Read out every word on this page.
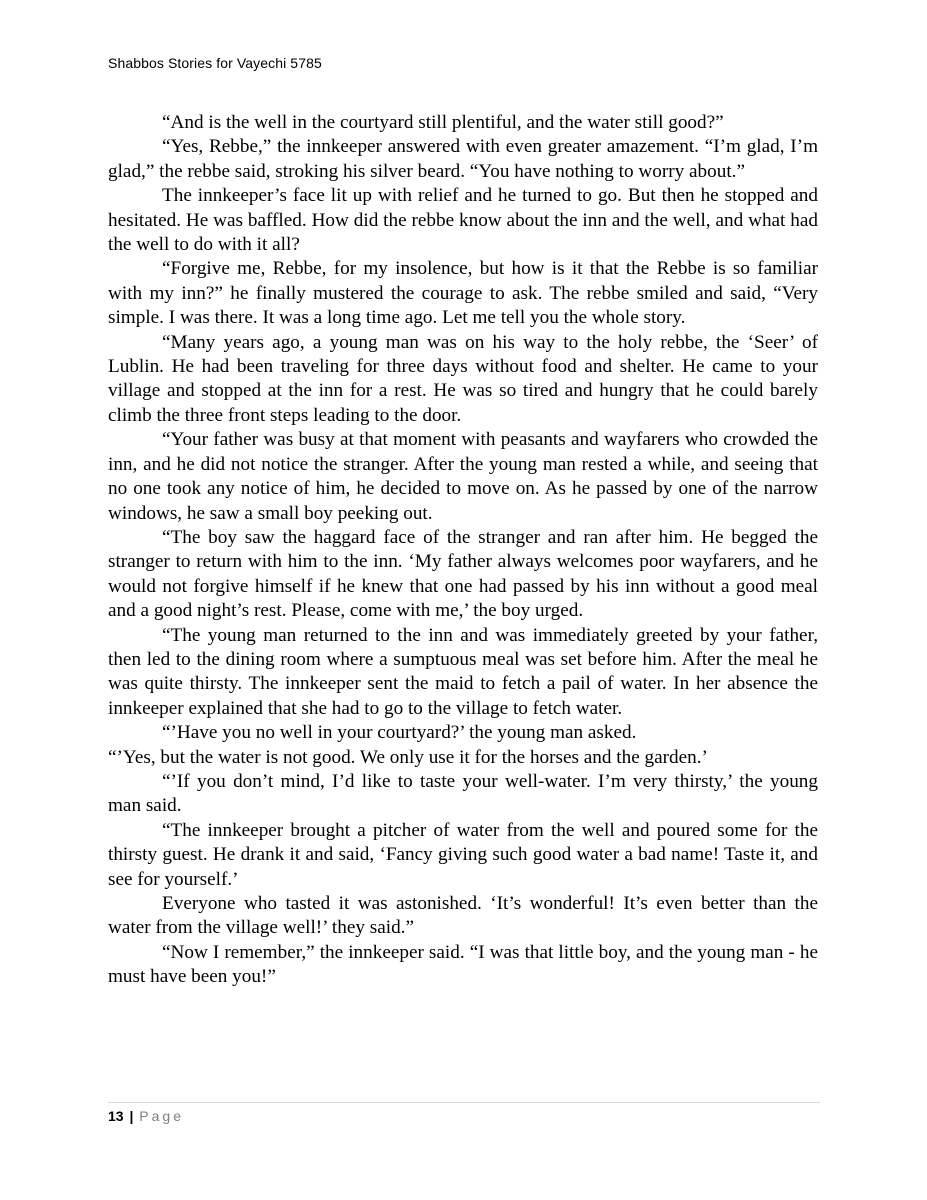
Shabbos Stories for Vayechi 5785

“And is the well in the courtyard still plentiful, and the water still good?”

“Yes, Rebbe,” the innkeeper answered with even greater amazement. “I’m glad, I’m glad,” the rebbe said, stroking his silver beard. “You have nothing to worry about.”

The innkeeper’s face lit up with relief and he turned to go. But then he stopped and hesitated. He was baffled. How did the rebbe know about the inn and the well, and what had the well to do with it all?

“Forgive me, Rebbe, for my insolence, but how is it that the Rebbe is so familiar with my inn?” he finally mustered the courage to ask. The rebbe smiled and said, “Very simple. I was there. It was a long time ago. Let me tell you the whole story.

“Many years ago, a young man was on his way to the holy rebbe, the ‘Seer’ of Lublin. He had been traveling for three days without food and shelter. He came to your village and stopped at the inn for a rest. He was so tired and hungry that he could barely climb the three front steps leading to the door.

“Your father was busy at that moment with peasants and wayfarers who crowded the inn, and he did not notice the stranger. After the young man rested a while, and seeing that no one took any notice of him, he decided to move on. As he passed by one of the narrow windows, he saw a small boy peeking out.

“The boy saw the haggard face of the stranger and ran after him. He begged the stranger to return with him to the inn. ‘My father always welcomes poor wayfarers, and he would not forgive himself if he knew that one had passed by his inn without a good meal and a good night’s rest. Please, come with me,’ the boy urged.

“The young man returned to the inn and was immediately greeted by your father, then led to the dining room where a sumptuous meal was set before him. After the meal he was quite thirsty. The innkeeper sent the maid to fetch a pail of water. In her absence the innkeeper explained that she had to go to the village to fetch water.

“’Have you no well in your courtyard?’ the young man asked.

“’Yes, but the water is not good. We only use it for the horses and the garden.’

“’If you don’t mind, I’d like to taste your well-water. I’m very thirsty,’ the young man said.

“The innkeeper brought a pitcher of water from the well and poured some for the thirsty guest. He drank it and said, ‘Fancy giving such good water a bad name! Taste it, and see for yourself.’

Everyone who tasted it was astonished. ‘It’s wonderful! It’s even better than the water from the village well!’ they said.”

“Now I remember,” the innkeeper said. “I was that little boy, and the young man - he must have been you!”

13 | Page
